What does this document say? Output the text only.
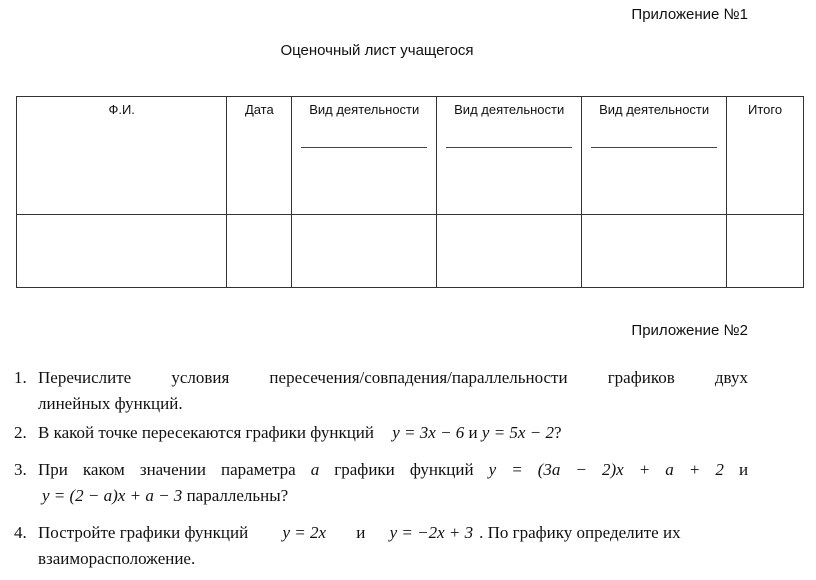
Приложение №1
Оценочный лист учащегося
Ф.И.	Дата	Вид деятельности	Вид деятельности	Вид деятельности	Итого

Приложение №2
1. Перечислите условия пересечения/совпадения/параллельности графиков двух
линейных функций.
2. В какой точке пересекаются графики функций y = 3x − 6 и y = 5x − 2?
3. При каком значении параметра a графики функций y = (3a − 2)x + a + 2 и
y = (2 − a)x + a − 3 параллельны?
4. Постройте графики функций y = 2x и y = −2x + 3 . По графику определите их
взаиморасположение.
